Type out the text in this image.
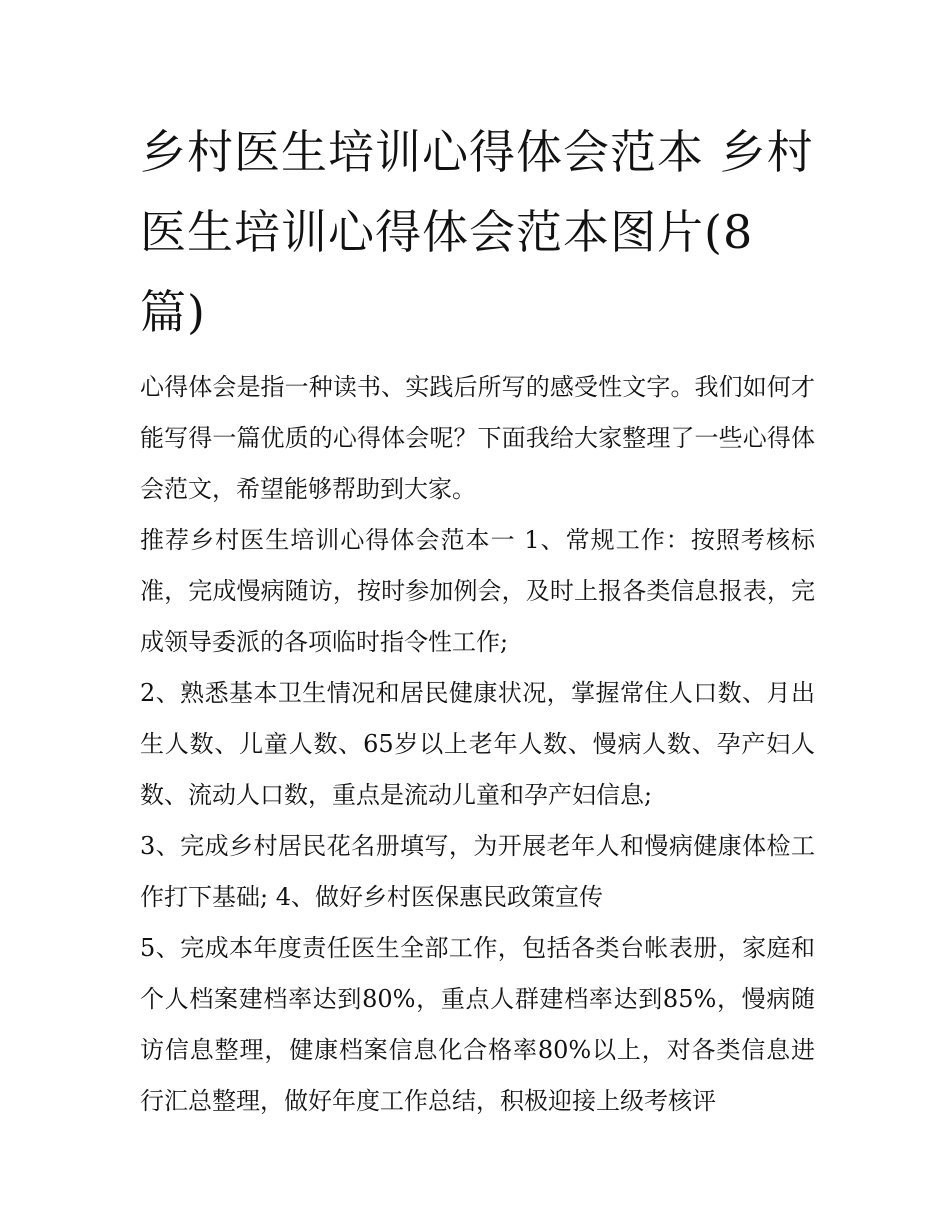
乡村医生培训心得体会范本 乡村医生培训心得体会范本图片(8篇)

心得体会是指一种读书、实践后所写的感受性文字。我们如何才能写得一篇优质的心得体会呢？下面我给大家整理了一些心得体会范文，希望能够帮助到大家。

推荐乡村医生培训心得体会范本一 1、常规工作：按照考核标准，完成慢病随访，按时参加例会，及时上报各类信息报表，完成领导委派的各项临时指令性工作;

2、熟悉基本卫生情况和居民健康状况，掌握常住人口数、月出生人数、儿童人数、65岁以上老年人数、慢病人数、孕产妇人数、流动人口数，重点是流动儿童和孕产妇信息;

3、完成乡村居民花名册填写，为开展老年人和慢病健康体检工作打下基础; 4、做好乡村医保惠民政策宣传

5、完成本年度责任医生全部工作，包括各类台帐表册，家庭和个人档案建档率达到80%，重点人群建档率达到85%，慢病随访信息整理，健康档案信息化合格率80%以上，对各类信息进行汇总整理，做好年度工作总结，积极迎接上级考核评
